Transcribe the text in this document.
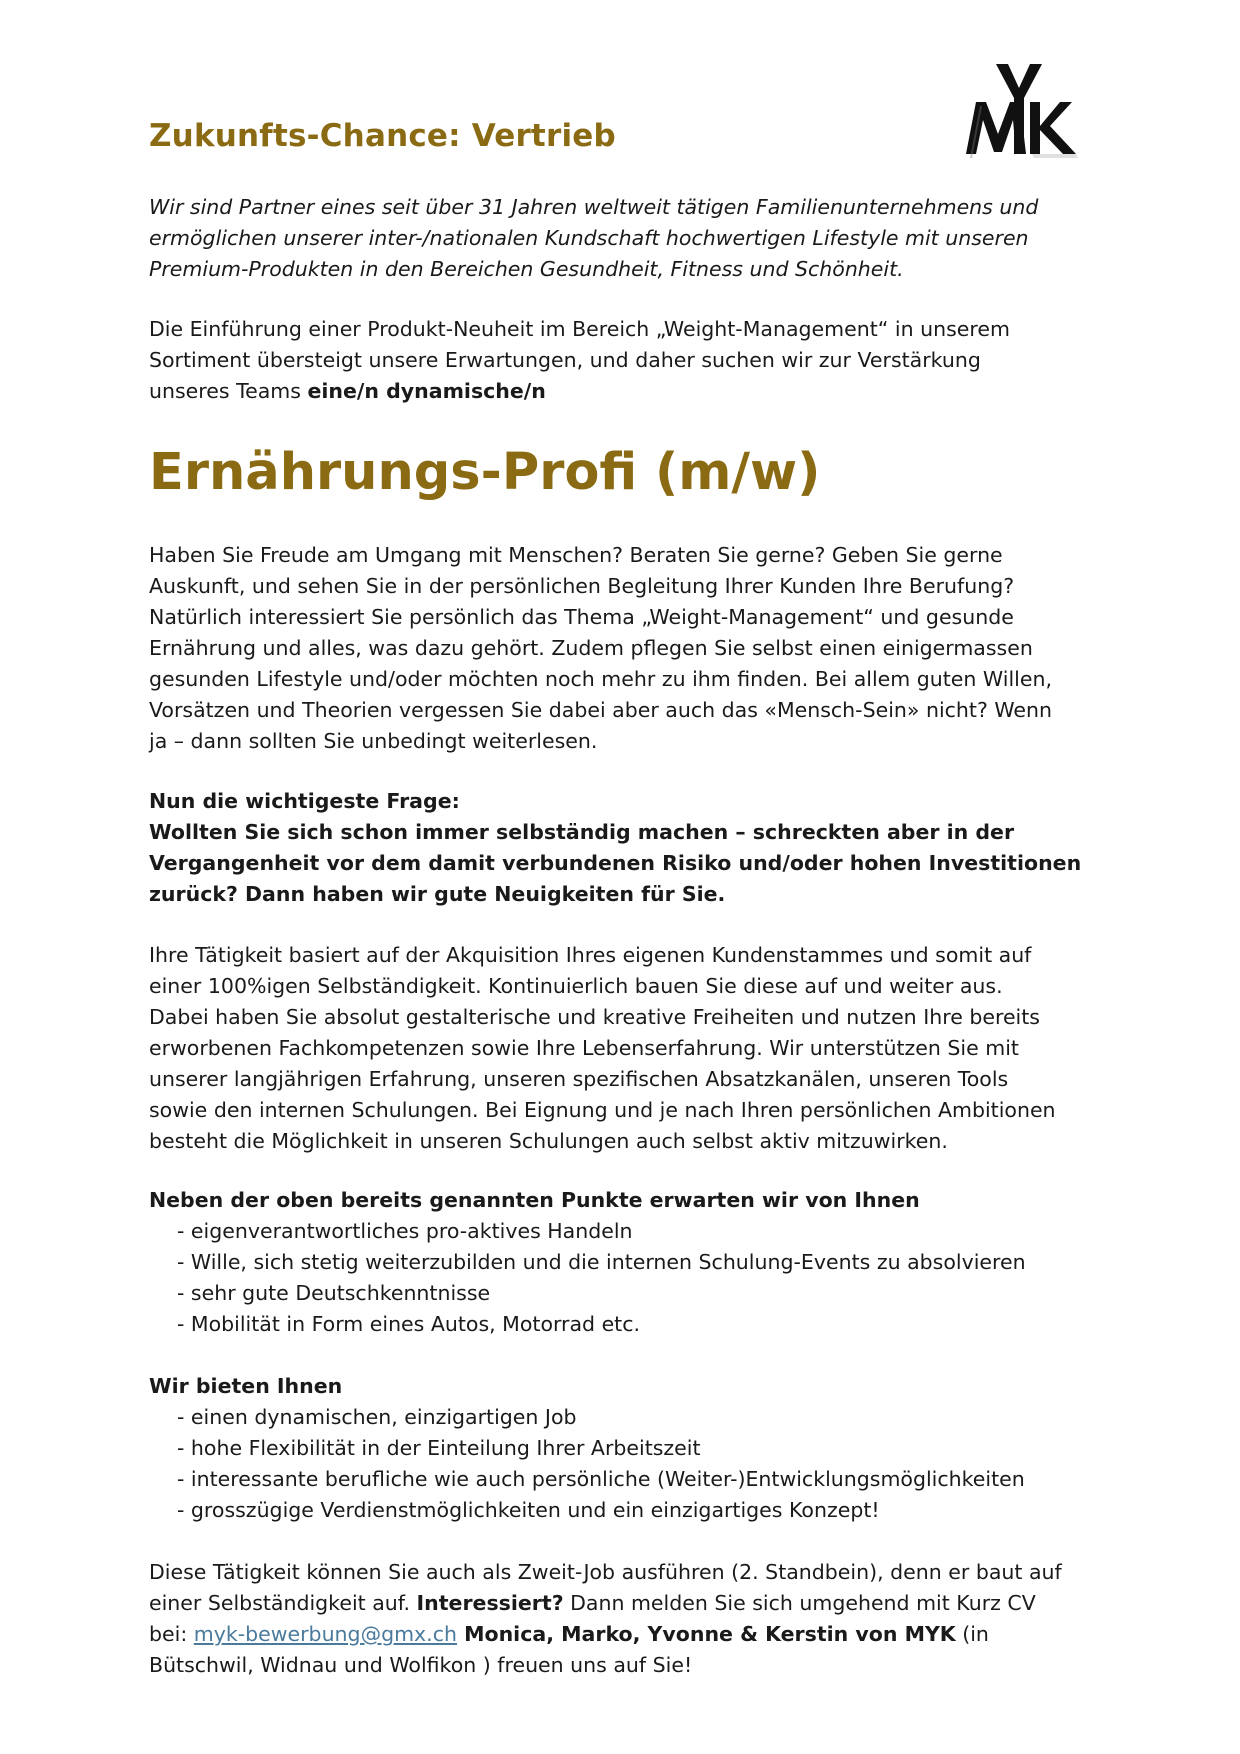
Zukunfts-Chance: Vertrieb

Wir sind Partner eines seit über 31 Jahren weltweit tätigen Familienunternehmens und
ermöglichen unserer inter-/nationalen Kundschaft hochwertigen Lifestyle mit unseren
Premium-Produkten in den Bereichen Gesundheit, Fitness und Schönheit.

Die Einführung einer Produkt-Neuheit im Bereich „Weight-Management“ in unserem
Sortiment übersteigt unsere Erwartungen, und daher suchen wir zur Verstärkung
unseres Teams eine/n dynamische/n

Ernährungs-Profi (m/w)

Haben Sie Freude am Umgang mit Menschen? Beraten Sie gerne? Geben Sie gerne
Auskunft, und sehen Sie in der persönlichen Begleitung Ihrer Kunden Ihre Berufung?
Natürlich interessiert Sie persönlich das Thema „Weight-Management“ und gesunde
Ernährung und alles, was dazu gehört. Zudem pflegen Sie selbst einen einigermassen
gesunden Lifestyle und/oder möchten noch mehr zu ihm finden. Bei allem guten Willen,
Vorsätzen und Theorien vergessen Sie dabei aber auch das «Mensch-Sein» nicht? Wenn
ja – dann sollten Sie unbedingt weiterlesen.

Nun die wichtigeste Frage:
Wollten Sie sich schon immer selbständig machen – schreckten aber in der
Vergangenheit vor dem damit verbundenen Risiko und/oder hohen Investitionen
zurück? Dann haben wir gute Neuigkeiten für Sie.

Ihre Tätigkeit basiert auf der Akquisition Ihres eigenen Kundenstammes und somit auf
einer 100%igen Selbständigkeit. Kontinuierlich bauen Sie diese auf und weiter aus.
Dabei haben Sie absolut gestalterische und kreative Freiheiten und nutzen Ihre bereits
erworbenen Fachkompetenzen sowie Ihre Lebenserfahrung. Wir unterstützen Sie mit
unserer langjährigen Erfahrung, unseren spezifischen Absatzkanälen, unseren Tools
sowie den internen Schulungen. Bei Eignung und je nach Ihren persönlichen Ambitionen
besteht die Möglichkeit in unseren Schulungen auch selbst aktiv mitzuwirken.

Neben der oben bereits genannten Punkte erwarten wir von Ihnen

- eigenverantwortliches pro-aktives Handeln
- Wille, sich stetig weiterzubilden und die internen Schulung-Events zu absolvieren
- sehr gute Deutschkenntnisse
- Mobilität in Form eines Autos, Motorrad etc.

Wir bieten Ihnen

- einen dynamischen, einzigartigen Job
- hohe Flexibilität in der Einteilung Ihrer Arbeitszeit
- interessante berufliche wie auch persönliche (Weiter-)Entwicklungsmöglichkeiten
- grosszügige Verdienstmöglichkeiten und ein einzigartiges Konzept!

Diese Tätigkeit können Sie auch als Zweit-Job ausführen (2. Standbein), denn er baut auf
einer Selbständigkeit auf. Interessiert? Dann melden Sie sich umgehend mit Kurz CV
bei: myk-bewerbung@gmx.ch Monica, Marko, Yvonne & Kerstin von MYK (in
Bütschwil, Widnau und Wolfikon ) freuen uns auf Sie!
